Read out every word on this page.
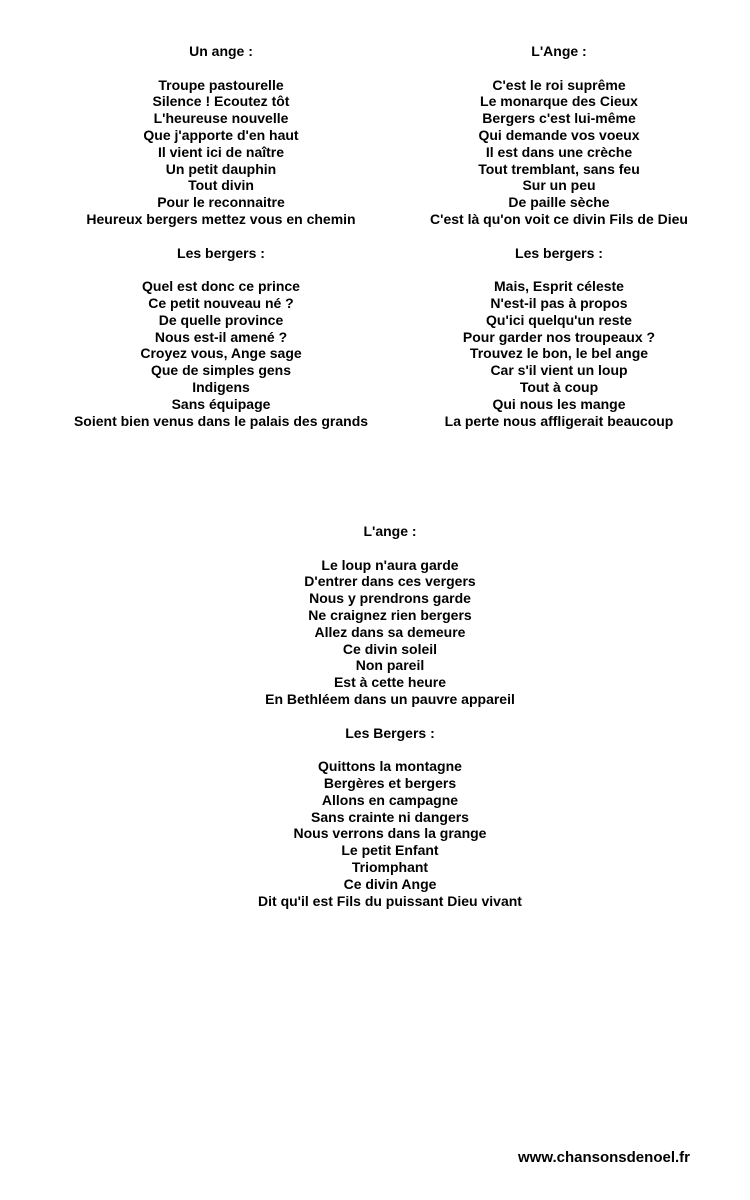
Un ange :
Troupe pastourelle
Silence ! Ecoutez tôt
L'heureuse nouvelle
Que j'apporte d'en haut
Il vient ici de naître
Un petit dauphin
Tout divin
Pour le reconnaitre
Heureux bergers mettez vous en chemin
Les bergers :
Quel est donc ce prince
Ce petit nouveau né ?
De quelle province
Nous est-il amené ?
Croyez vous, Ange sage
Que de simples gens
Indigens
Sans équipage
Soient bien venus dans le palais des grands
L'Ange :
C'est le roi suprême
Le monarque des Cieux
Bergers c'est lui-même
Qui demande vos voeux
Il est dans une crèche
Tout tremblant, sans feu
Sur un peu
De paille sèche
C'est là qu'on voit ce divin Fils de Dieu
Les bergers :
Mais, Esprit céleste
N'est-il pas à propos
Qu'ici quelqu'un reste
Pour garder nos troupeaux ?
Trouvez le bon, le bel ange
Car s'il vient un loup
Tout à coup
Qui nous les mange
La perte nous affligerait beaucoup
L'ange :
Le loup n'aura garde
D'entrer dans ces vergers
Nous y prendrons garde
Ne craignez rien bergers
Allez dans sa demeure
Ce divin soleil
Non pareil
Est à cette heure
En Bethléem dans un pauvre appareil
Les Bergers :
Quittons la montagne
Bergères et bergers
Allons en campagne
Sans crainte ni dangers
Nous verrons dans la grange
Le petit Enfant
Triomphant
Ce divin Ange
Dit qu'il est Fils du puissant Dieu vivant
www.chansonsdenoel.fr
